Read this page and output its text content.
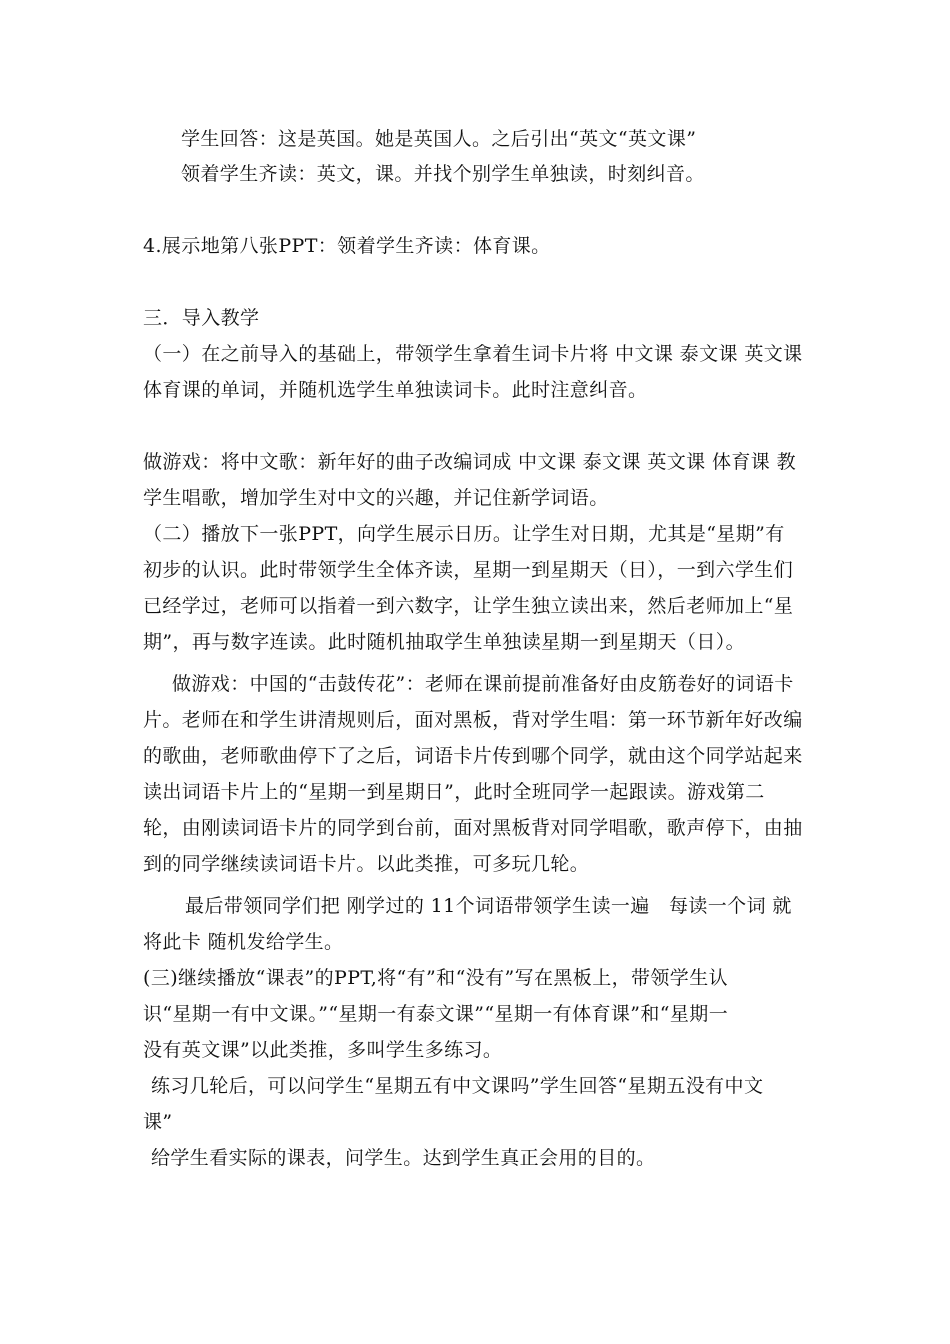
学生回答：这是英国。她是英国人。之后引出“英文“英文课”
领着学生齐读：英文，课。并找个别学生单独读，时刻纠音。
4.展示地第八张PPT：领着学生齐读：体育课。
三．导入教学
（一）在之前导入的基础上，带领学生拿着生词卡片将 中文课 泰文课 英文课
体育课的单词，并随机选学生单独读词卡。此时注意纠音。
做游戏：将中文歌：新年好的曲子改编词成 中文课 泰文课 英文课 体育课 教
学生唱歌，增加学生对中文的兴趣，并记住新学词语。
（二）播放下一张PPT，向学生展示日历。让学生对日期，尤其是“星期”有
初步的认识。此时带领学生全体齐读，星期一到星期天（日），一到六学生们
已经学过，老师可以指着一到六数字，让学生独立读出来，然后老师加上“星
期”，再与数字连读。此时随机抽取学生单独读星期一到星期天（日）。
做游戏：中国的“击鼓传花”：老师在课前提前准备好由皮筋卷好的词语卡
片。老师在和学生讲清规则后，面对黑板，背对学生唱：第一环节新年好改编
的歌曲，老师歌曲停下了之后，词语卡片传到哪个同学，就由这个同学站起来
读出词语卡片上的“星期一到星期日”，此时全班同学一起跟读。游戏第二
轮，由刚读词语卡片的同学到台前，面对黑板背对同学唱歌，歌声停下，由抽
到的同学继续读词语卡片。以此类推，可多玩几轮。
最后带领同学们把 刚学过的 11个词语带领学生读一遍   每读一个词 就
将此卡 随机发给学生。
(三)继续播放“课表”的PPT,将“有”和“没有”写在黑板上，带领学生认
识“星期一有中文课。”“星期一有泰文课”“星期一有体育课”和“星期一
没有英文课”以此类推，多叫学生多练习。
练习几轮后，可以问学生“星期五有中文课吗”学生回答“星期五没有中文
课”
给学生看实际的课表，问学生。达到学生真正会用的目的。
